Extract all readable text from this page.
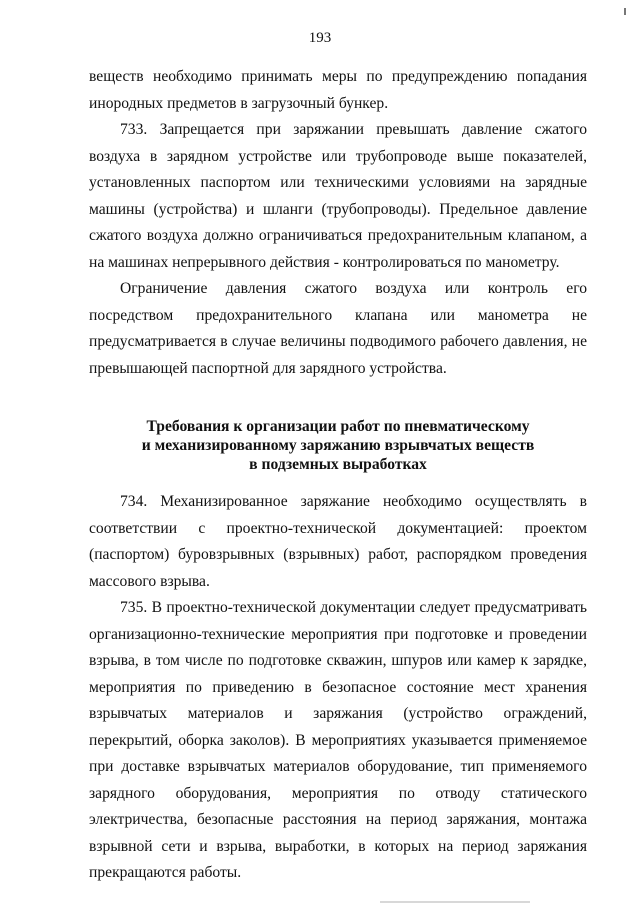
193

веществ необходимо принимать меры по предупреждению попадания инородных предметов в загрузочный бункер.

733. Запрещается при заряжании превышать давление сжатого воздуха в зарядном устройстве или трубопроводе выше показателей, установленных паспортом или техническими условиями на зарядные машины (устройства) и шланги (трубопроводы). Предельное давление сжатого воздуха должно ограничиваться предохранительным клапаном, а на машинах непрерывного действия - контролироваться по манометру.

Ограничение давления сжатого воздуха или контроль его посредством предохранительного клапана или манометра не предусматривается в случае величины подводимого рабочего давления, не превышающей паспортной для зарядного устройства.

Требования к организации работ по пневматическому
и механизированному заряжанию взрывчатых веществ
в подземных выработках

734. Механизированное заряжание необходимо осуществлять в соответствии с проектно-технической документацией: проектом (паспортом) буровзрывных (взрывных) работ, распорядком проведения массового взрыва.

735. В проектно-технической документации следует предусматривать организационно-технические мероприятия при подготовке и проведении взрыва, в том числе по подготовке скважин, шпуров или камер к зарядке, мероприятия по приведению в безопасное состояние мест хранения взрывчатых материалов и заряжания (устройство ограждений, перекрытий, оборка заколов). В мероприятиях указывается применяемое при доставке взрывчатых материалов оборудование, тип применяемого зарядного оборудования, мероприятия по отводу статического электричества, безопасные расстояния на период заряжания, монтажа взрывной сети и взрыва, выработки, в которых на период заряжания прекращаются работы.
